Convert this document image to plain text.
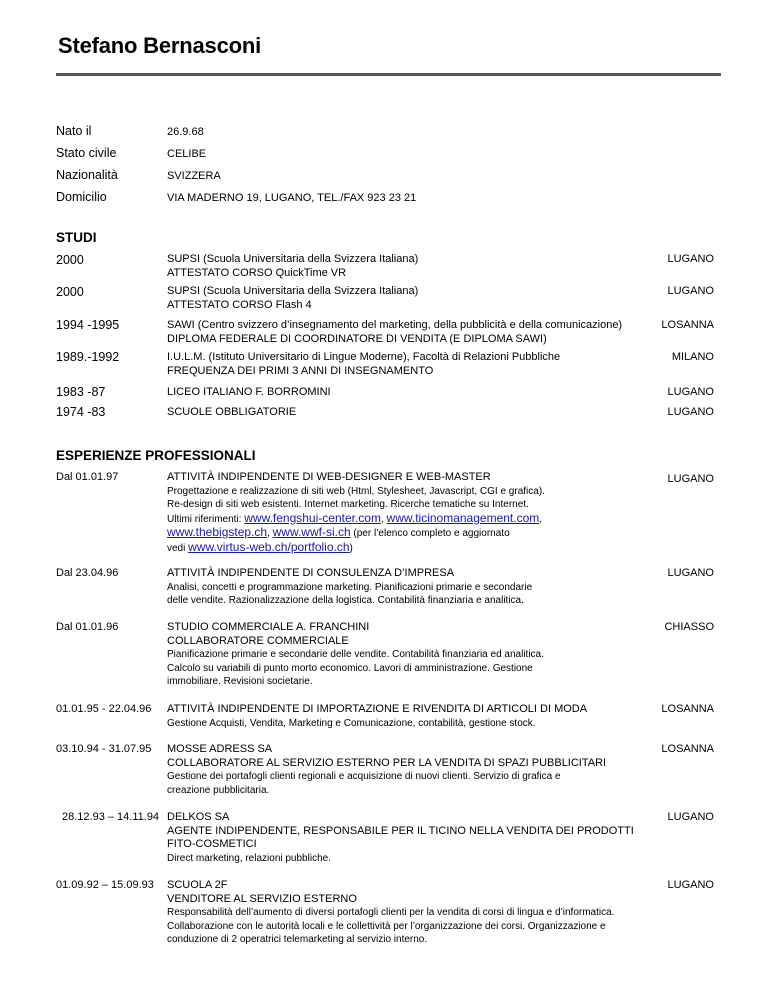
Stefano Bernasconi
Nato il	26.9.68
Stato civile	CELIBE
Nazionalità	SVIZZERA
Domicilio	VIA MADERNO 19, LUGANO, TEL./FAX 923 23 21
STUDI
2000	SUPSI (Scuola Universitaria della Svizzera Italiana)
ATTESTATO CORSO QuickTime VR
LUGANO
2000	SUPSI (Scuola Universitaria della Svizzera Italiana)
ATTESTATO CORSO Flash 4
LUGANO
1994 -1995	SAWI (Centro svizzero d’insegnamento del marketing, della pubblicità e della comunicazione)
DIPLOMA FEDERALE DI COORDINATORE DI VENDITA (E DIPLOMA SAWI)
LOSANNA
1989.-1992	I.U.L.M. (Istituto Universitario di Lingue Moderne), Facoltà di Relazioni Pubbliche
FREQUENZA DEI PRIMI 3 ANNI DI INSEGNAMENTO
MILANO
1983 -87	LICEO ITALIANO F. BORROMINI	LUGANO
1974 -83	SCUOLE OBBLIGATORIE	LUGANO
ESPERIENZE PROFESSIONALI
Dal 01.01.97	ATTIVITÀ INDIPENDENTE DI WEB-DESIGNER E WEB-MASTER
Progettazione e realizzazione di siti web (Html, Stylesheet, Javascript, CGI e grafica).
Re-design di siti web esistenti. Internet marketing. Ricerche tematiche su Internet.
Ultimi riferimenti: www.fengshui-center.com, www.ticinomanagement.com,
www.thebigstep.ch, www.wwf-si.ch (per l’elenco completo e aggiornato
vedi www.virtus-web.ch/portfolio.ch)
LUGANO
Dal 23.04.96	ATTIVITÀ INDIPENDENTE DI CONSULENZA D’IMPRESA
Analisi, concetti e programmazione marketing. Pianificazioni primarie e secondarie
delle vendite. Razionalizzazione della logistica. Contabilità finanziaria e analitica.
LUGANO
Dal 01.01.96	STUDIO COMMERCIALE A. FRANCHINI
COLLABORATORE COMMERCIALE
Pianificazione primarie e secondarie delle vendite. Contabilità finanziaria ed analitica.
Calcolo su variabili di punto morto economico. Lavori di amministrazione. Gestione
immobiliare. Revisioni societarie.
CHIASSO
01.01.95 - 22.04.96 ATTIVITÀ INDIPENDENTE DI IMPORTAZIONE E RIVENDITA DI ARTICOLI DI MODA
Gestione Acquisti, Vendita, Marketing e Comunicazione, contabilità, gestione stock.
LOSANNA
03.10.94 - 31.07.95 MOSSE ADRESS SA
COLLABORATORE AL SERVIZIO ESTERNO PER LA VENDITA DI SPAZI PUBBLICITARI
Gestione dei portafogli clienti regionali e acquisizione di nuovi clienti. Servizio di grafica e
creazione pubblicitaria.
LOSANNA
28.12.93 – 14.11.94 DELKOS SA
AGENTE INDIPENDENTE, RESPONSABILE PER IL TICINO NELLA VENDITA DEI PRODOTTI
FITO-COSMETICI
Direct marketing, relazioni pubbliche.
LUGANO
01.09.92 – 15.09.93 SCUOLA 2F
VENDITORE AL SERVIZIO ESTERNO
Responsabilità dell’aumento di diversi portafogli clienti per la vendita di corsi di lingua e d’informatica.
Collaborazione con le autorità locali e le collettività per l’organizzazione dei corsi. Organizzazione e
conduzione di 2 operatrici telemarketing al servizio interno.
LUGANO
